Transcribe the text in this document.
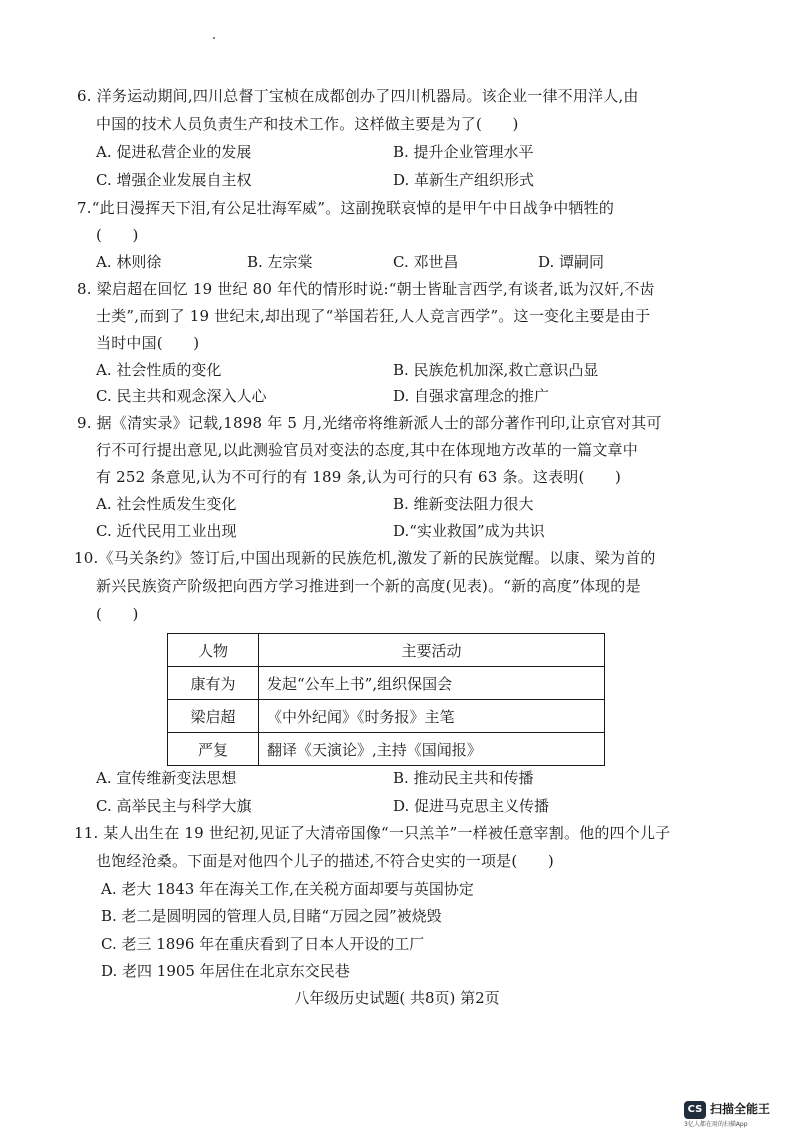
6. 洋务运动期间,四川总督丁宝桢在成都创办了四川机器局。该企业一律不用洋人,由
中国的技术人员负责生产和技术工作。这样做主要是为了(　　)
A. 促进私营企业的发展	B. 提升企业管理水平
C. 增强企业发展自主权	D. 革新生产组织形式
7.“此日漫挥天下泪,有公足壮海军威”。这副挽联哀悼的是甲午中日战争中牺牲的
(　　)
A. 林则徐	B. 左宗棠	C. 邓世昌	D. 谭嗣同
8. 梁启超在回忆 19 世纪 80 年代的情形时说:“朝士皆耻言西学,有谈者,诋为汉奸,不齿
士类”,而到了 19 世纪末,却出现了“举国若狂,人人竞言西学”。这一变化主要是由于
当时中国(　　)
A. 社会性质的变化	B. 民族危机加深,救亡意识凸显
C. 民主共和观念深入人心	D. 自强求富理念的推广
9. 据《清实录》记载,1898 年 5 月,光绪帝将维新派人士的部分著作刊印,让京官对其可
行不可行提出意见,以此测验官员对变法的态度,其中在体现地方改革的一篇文章中
有 252 条意见,认为不可行的有 189 条,认为可行的只有 63 条。这表明(　　)
A. 社会性质发生变化	B. 维新变法阻力很大
C. 近代民用工业出现	D.“实业救国”成为共识
10.《马关条约》签订后,中国出现新的民族危机,激发了新的民族觉醒。以康、梁为首的
新兴民族资产阶级把向西方学习推进到一个新的高度(见表)。“新的高度”体现的是
(　　)
人物	主要活动
康有为	发起“公车上书”,组织保国会
梁启超	《中外纪闻》《时务报》主笔
严复	翻译《天演论》,主持《国闻报》
A. 宣传维新变法思想	B. 推动民主共和传播
C. 高举民主与科学大旗	D. 促进马克思主义传播
11. 某人出生在 19 世纪初,见证了大清帝国像“一只羔羊”一样被任意宰割。他的四个儿子
也饱经沧桑。下面是对他四个儿子的描述,不符合史实的一项是(　　)
A. 老大 1843 年在海关工作,在关税方面却要与英国协定
B. 老二是圆明园的管理人员,目睹“万园之园”被烧毁
C. 老三 1896 年在重庆看到了日本人开设的工厂
D. 老四 1905 年居住在北京东交民巷
八年级历史试题( 共8页) 第2页
CS 扫描全能王
3亿人都在用的扫描App
